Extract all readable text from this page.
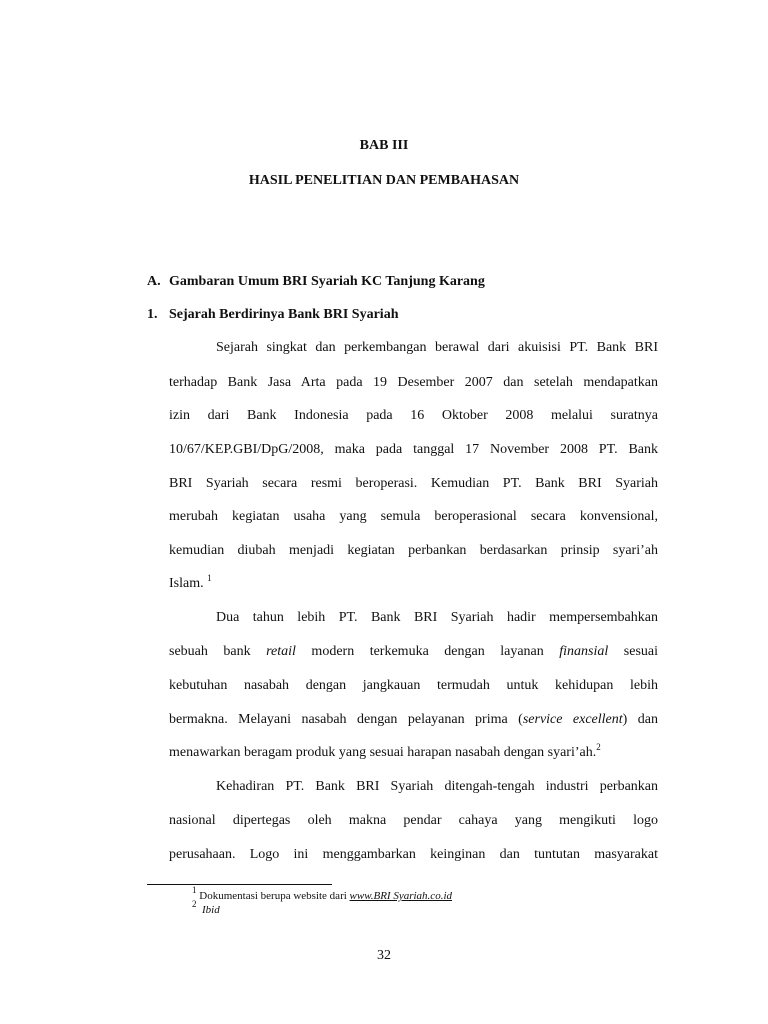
BAB III
HASIL PENELITIAN DAN PEMBAHASAN
A. Gambaran Umum BRI Syariah KC Tanjung Karang
1. Sejarah Berdirinya Bank BRI Syariah
Sejarah singkat dan perkembangan berawal dari akuisisi PT. Bank BRI
terhadap Bank Jasa Arta pada 19 Desember 2007 dan setelah mendapatkan
izin dari Bank Indonesia pada 16 Oktober 2008 melalui suratnya
10/67/KEP.GBI/DpG/2008, maka pada tanggal 17 November 2008 PT. Bank
BRI Syariah secara resmi beroperasi. Kemudian PT. Bank BRI Syariah
merubah kegiatan usaha yang semula beroperasional secara konvensional,
kemudian diubah menjadi kegiatan perbankan berdasarkan prinsip syari’ah
Islam. $^1$
Dua tahun lebih PT. Bank BRI Syariah hadir mempersembahkan
sebuah bank retail modern terkemuka dengan layanan finansial sesuai
kebutuhan nasabah dengan jangkauan termudah untuk kehidupan lebih
bermakna. Melayani nasabah dengan pelayanan prima (service excellent) dan
menawarkan beragam produk yang sesuai harapan nasabah dengan syari’ah.$^2$
Kehadiran PT. Bank BRI Syariah ditengah-tengah industri perbankan
nasional dipertegas oleh makna pendar cahaya yang mengikuti logo
perusahaan. Logo ini menggambarkan keinginan dan tuntutan masyarakat
$^1$ Dokumentasi berupa website dari www.BRI Syariah.co.id
$^2$ Ibid
32
